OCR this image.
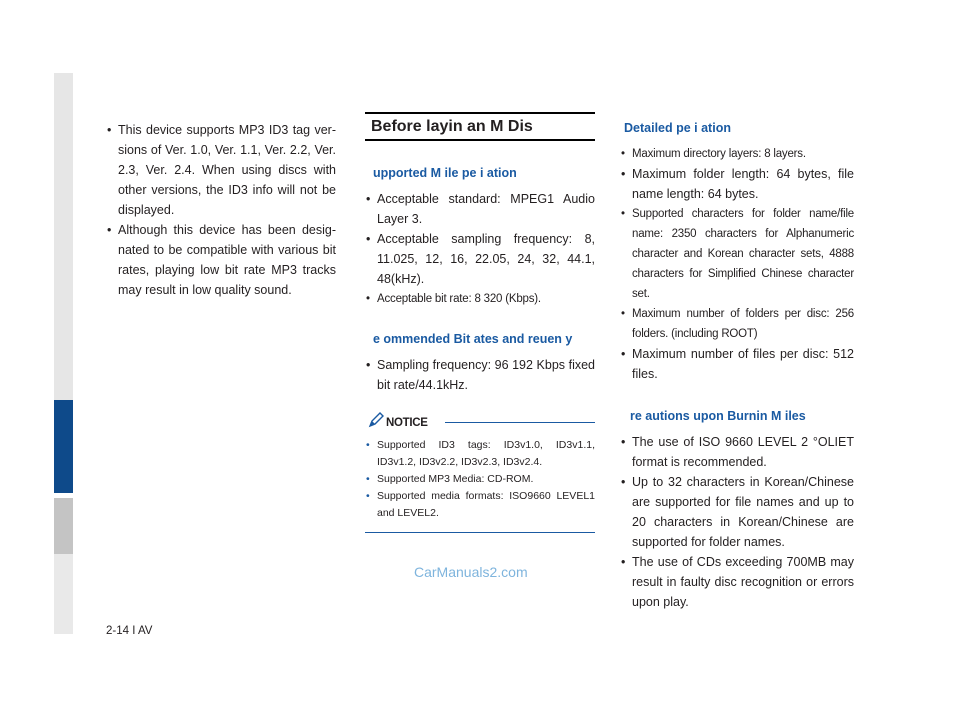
• This device supports MP3 ID3 tag ver-sions of Ver. 1.0, Ver. 1.1, Ver. 2.2, Ver. 2.3, Ver. 2.4. When using discs with other versions, the ID3 info will not be displayed.
• Although this device has been desig-nated to be compatible with various bit rates, playing low bit rate MP3 tracks may result in low quality sound.
Before layin an M Dis
upported M ile pe i ation
• Acceptable standard: MPEG1 Audio Layer 3.
• Acceptable sampling frequency: 8, 11.025, 12, 16, 22.05, 24, 32, 44.1, 48(kHz).
• Acceptable bit rate: 8 320 (Kbps).
e ommended Bit ates and reuen y
• Sampling frequency: 96 192 Kbps fixed bit rate/44.1kHz.
NOTICE
• Supported ID3 tags: ID3v1.0, ID3v1.1, ID3v1.2, ID3v2.2, ID3v2.3, ID3v2.4.
• Supported MP3 Media: CD-ROM.
• Supported media formats: ISO9660 LEVEL1 and LEVEL2.
Detailed pe i ation
• Maximum directory layers: 8 layers.
• Maximum folder length: 64 bytes, file name length: 64 bytes.
• Supported characters for folder name/file name: 2350 characters for Alphanumeric character and Korean character sets, 4888 characters for Simplified Chinese character set.
• Maximum number of folders per disc: 256 folders. (including ROOT)
• Maximum number of files per disc: 512 files.
re autions upon Burnin M iles
• The use of ISO 9660 LEVEL 2 °OLIET format is recommended.
• Up to 32 characters in Korean/Chinese are supported for file names and up to 20 characters in Korean/Chinese are supported for folder names.
• The use of CDs exceeding 700MB may result in faulty disc recognition or errors upon play.
CarManuals2.com
2-14 I AV
